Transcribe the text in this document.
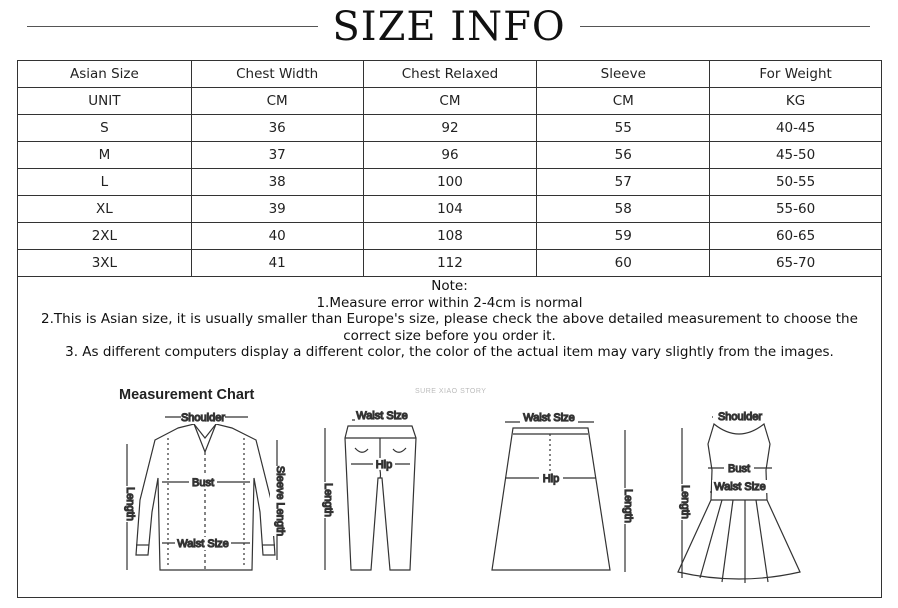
SIZE INFO
Asian Size	Chest Width	Chest Relaxed	Sleeve	For Weight
UNIT	CM	CM	CM	KG
S	36	92	55	40-45
M	37	96	56	45-50
L	38	100	57	50-55
XL	39	104	58	55-60
2XL	40	108	59	60-65
3XL	41	112	60	65-70
Note:
1.Measure error within 2-4cm is normal
2.This is Asian size, it is usually smaller than Europe's size, please check the above detailed measurement to choose the correct size before you order it.
3. As different computers display a different color, the color of the actual item may vary slightly from the images.
Measurement Chart	SURE XIAO STORY
Shoulder
Bust
Waist Size
Length	Sleeve Length
Waist Size
Hip
Length
Waist Size
Hip
Length
Shoulder
Bust
Waist Size
Length
